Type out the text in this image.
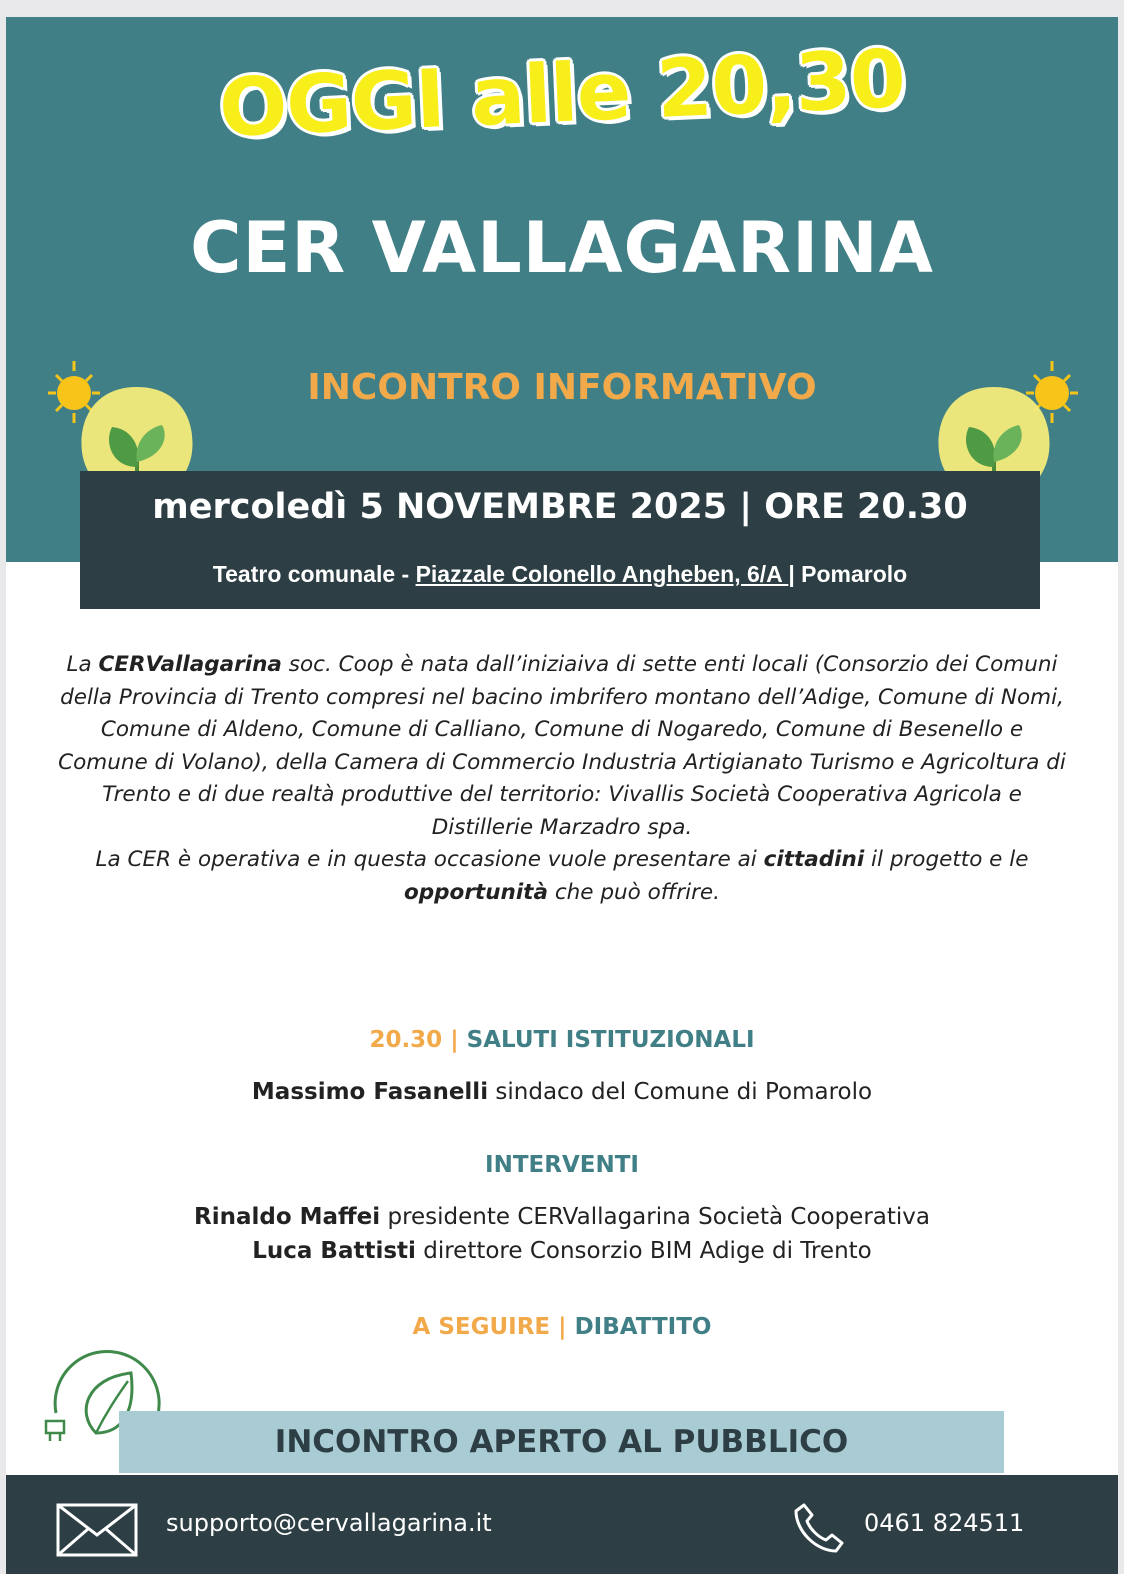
OGGI alle 20,30
CER VALLAGARINA
INCONTRO INFORMATIVO
mercoledì 5 NOVEMBRE 2025 | ORE 20.30
Teatro comunale - Piazzale Colonello Angheben, 6/A | Pomarolo
La CERVallagarina soc. Coop è nata dall’iniziaiva di sette enti locali (Consorzio dei Comuni della Provincia di Trento compresi nel bacino imbrifero montano dell’Adige, Comune di Nomi, Comune di Aldeno, Comune di Calliano, Comune di Nogaredo, Comune di Besenello e Comune di Volano), della Camera di Commercio Industria Artigianato Turismo e Agricoltura di Trento e di due realtà produttive del territorio: Vivallis Società Cooperativa Agricola e Distillerie Marzadro spa.
La CER è operativa e in questa occasione vuole presentare ai cittadini il progetto e le opportunità che può offrire.
20.30 | SALUTI ISTITUZIONALI
Massimo Fasanelli sindaco del Comune di Pomarolo
INTERVENTI
Rinaldo Maffei presidente CERVallagarina Società Cooperativa
Luca Battisti direttore Consorzio BIM Adige di Trento
A SEGUIRE | DIBATTITO
INCONTRO APERTO AL PUBBLICO
supporto@cervallagarina.it	0461 824511
